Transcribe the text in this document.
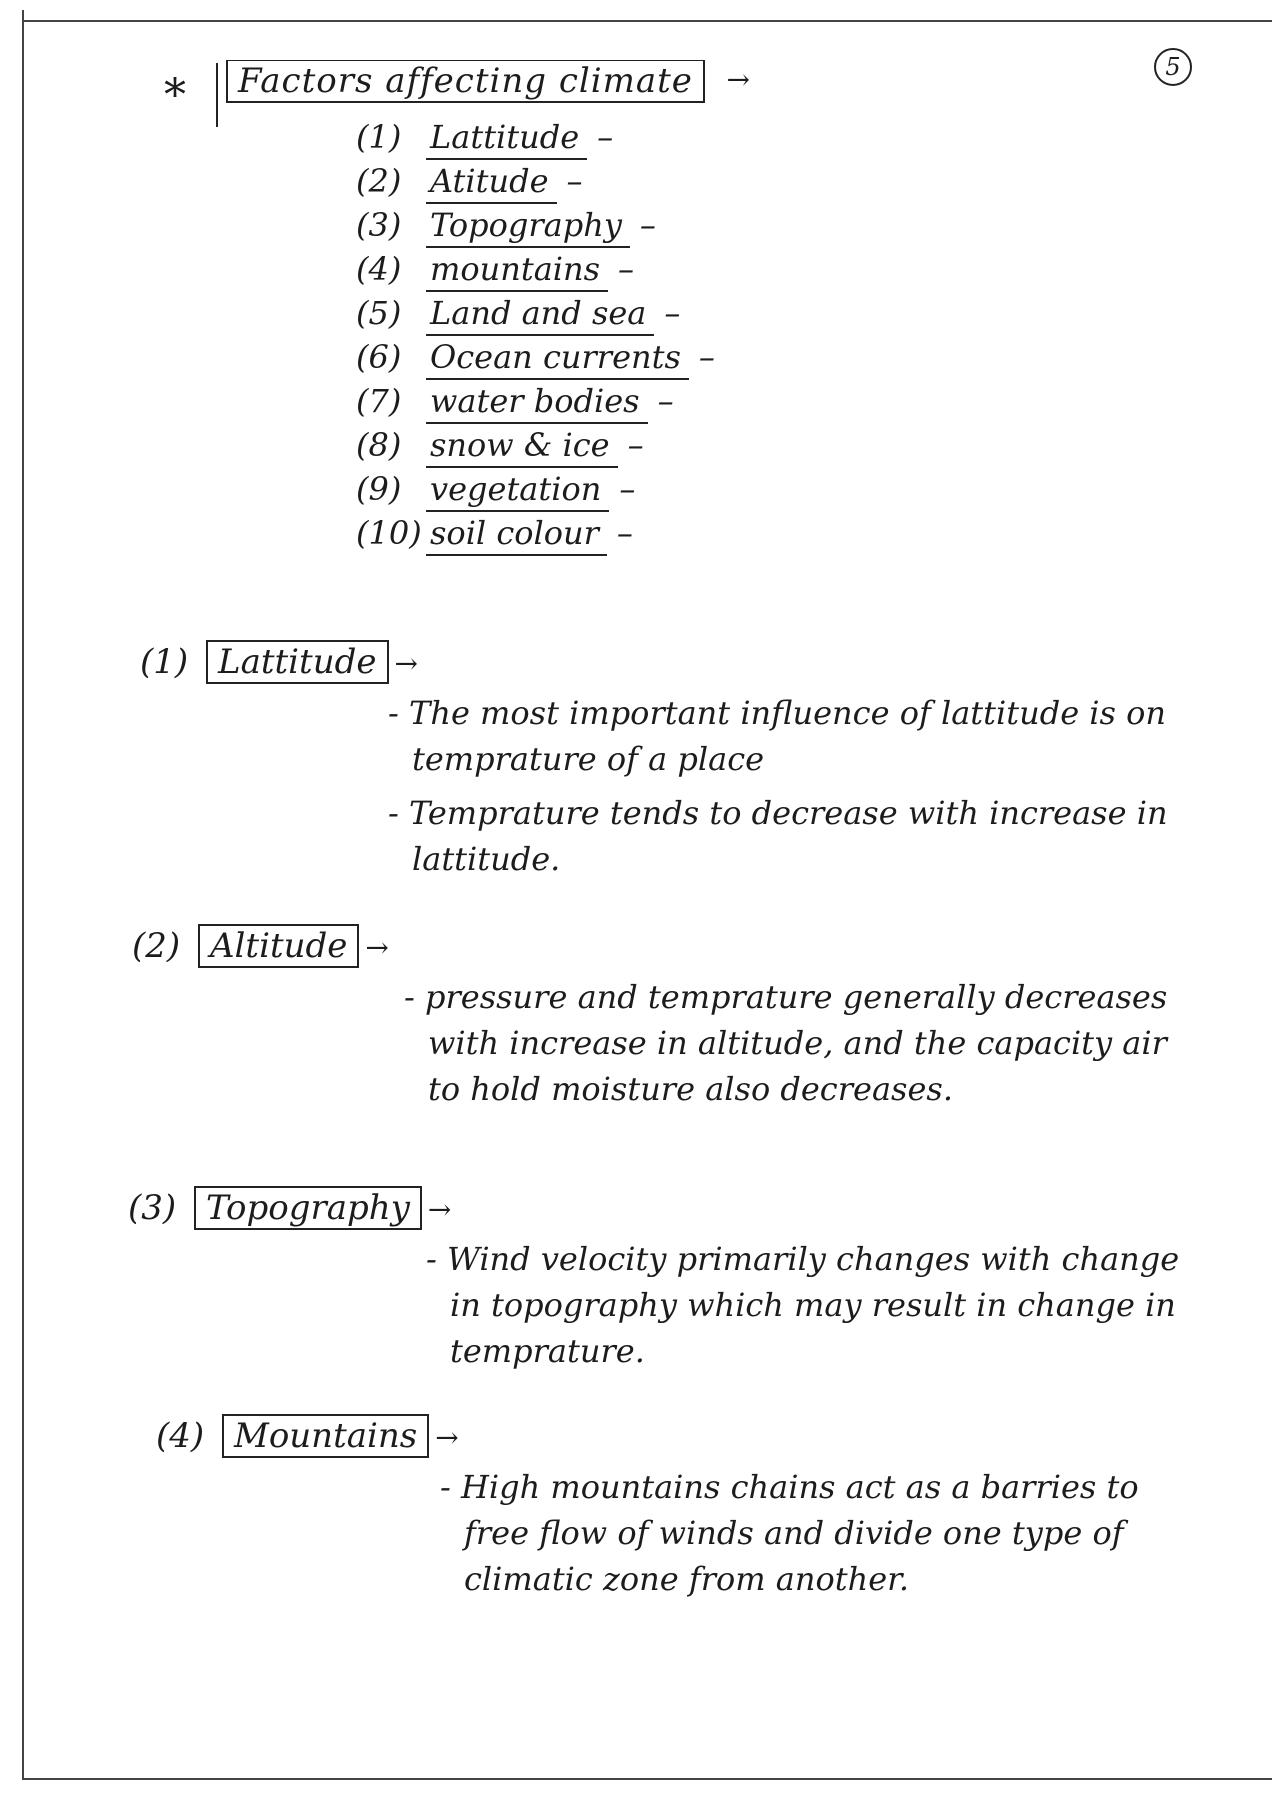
5
*	Factors affecting climate →
(1) Lattitude –
(2) Atitude –
(3) Topography –
(4) mountains –
(5) Land and sea –
(6) Ocean currents –
(7) water bodies –
(8) snow & ice –
(9) vegetation –
(10) soil colour –
(1) Lattitude →

- The most important influence of lattitude is on temprature of a place

- Temprature tends to decrease with increase in lattitude.

(2) Altitude →

- pressure and temprature generally decreases with increase in altitude, and the capacity air to hold moisture also decreases.

(3) Topography →

- Wind velocity primarily changes with change in topography which may result in change in temprature.

(4) Mountains →

- High mountains chains act as a barries to free flow of winds and divide one type of climatic zone from another.
